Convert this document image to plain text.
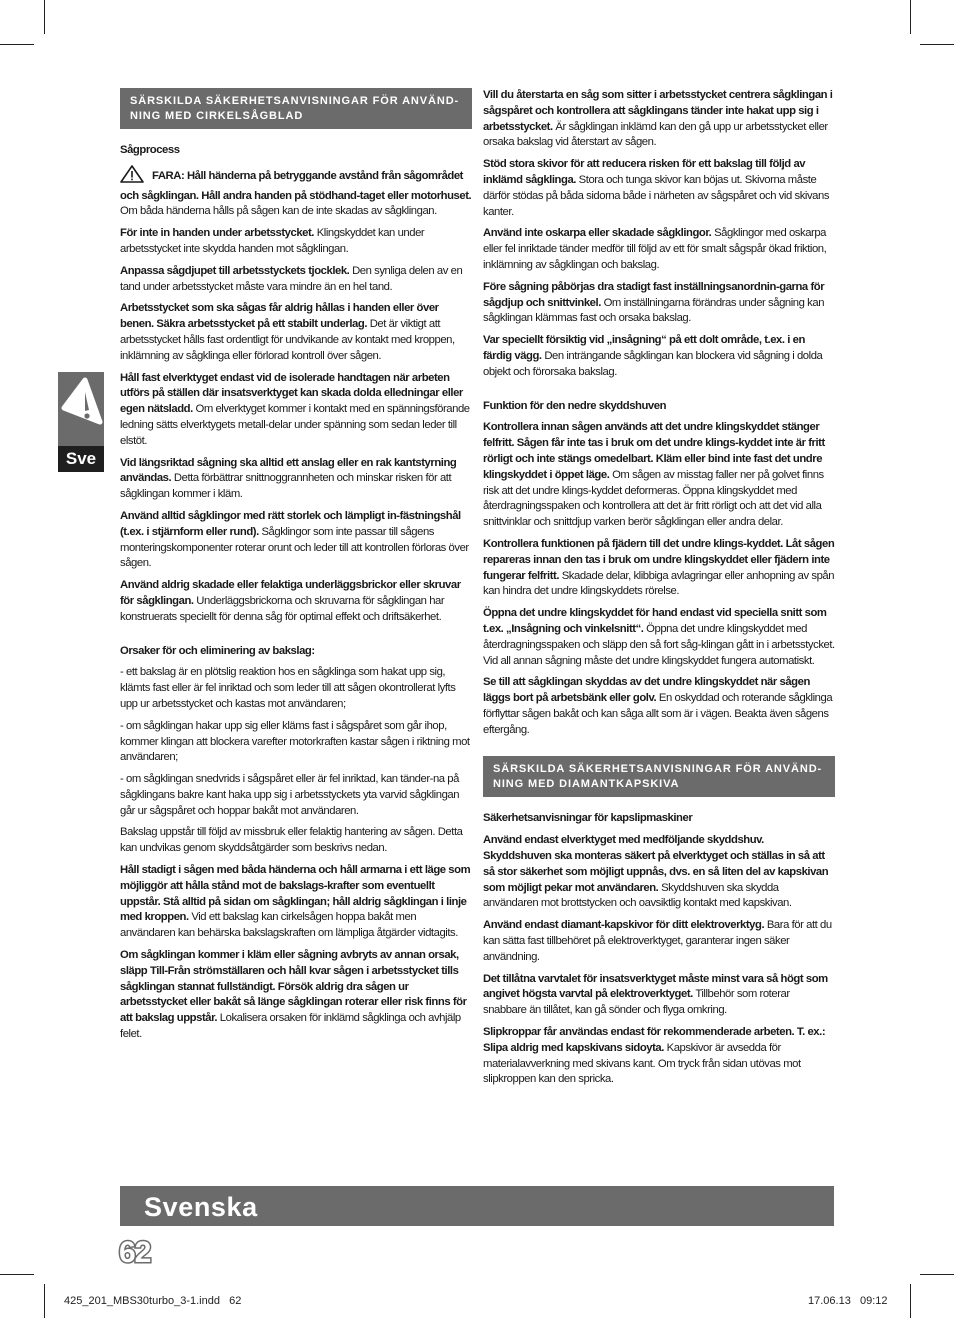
Sve
SÄRSKILDA SÄKERHETSANVISNINGAR FÖR ANVÄND-NING MED CIRKELSÅGBLAD

Sågprocess

FARA: Håll händerna på betryggande avstånd från sågområdet och sågklingan. Håll andra handen på stödhand-taget eller motorhuset. Om båda händerna hålls på sågen kan de inte skadas av sågklingan.

För inte in handen under arbetsstycket. Klingskyddet kan under arbetsstycket inte skydda handen mot sågklingan.

Anpassa sågdjupet till arbetsstyckets tjocklek. Den synliga delen av en tand under arbetsstycket måste vara mindre än en hel tand.

Arbetsstycket som ska sågas får aldrig hållas i handen eller över benen. Säkra arbetsstycket på ett stabilt underlag. Det är viktigt att arbetsstycket hålls fast ordentligt för undvikande av kontakt med kroppen, inklämning av sågklinga eller förlorad kontroll över sågen.

Håll fast elverktyget endast vid de isolerade handtagen när arbeten utförs på ställen där insatsverktyget kan skada dolda elledningar eller egen nätsladd. Om elverktyget kommer i kontakt med en spänningsförande ledning sätts elverktygets metall-delar under spänning som sedan leder till elstöt.

Vid längsriktad sågning ska alltid ett anslag eller en rak kantstyrning användas. Detta förbättrar snittnoggrannheten och minskar risken för att sågklingan kommer i kläm.

Använd alltid sågklingor med rätt storlek och lämpligt in-fästningshål (t.ex. i stjärnform eller rund). Sågklingor som inte passar till sågens monteringskomponenter roterar orunt och leder till att kontrollen förloras över sågen.

Använd aldrig skadade eller felaktiga underläggsbrickor eller skruvar för sågklingan. Underläggsbrickorna och skruvarna för sågklingan har konstruerats speciellt för denna såg för optimal effekt och driftsäkerhet.

Orsaker för och eliminering av bakslag:

- ett bakslag är en plötslig reaktion hos en sågklinga som hakat upp sig, klämts fast eller är fel inriktad och som leder till att sågen okontrollerat lyfts upp ur arbetsstycket och kastas mot användaren;

- om sågklingan hakar upp sig eller kläms fast i sågspåret som går ihop, kommer klingan att blockera varefter motorkraften kastar sågen i riktning mot användaren;

- om sågklingan snedvrids i sågspåret eller är fel inriktad, kan tänder-na på sågklingans bakre kant haka upp sig i arbetsstyckets yta varvid sågklingan går ur sågspåret och hoppar bakåt mot användaren.

Bakslag uppstår till följd av missbruk eller felaktig hantering av sågen. Detta kan undvikas genom skyddsåtgärder som beskrivs nedan.

Håll stadigt i sågen med båda händerna och håll armarna i ett läge som möjliggör att hålla stånd mot de bakslags-krafter som eventuellt uppstår. Stå alltid på sidan om sågklingan; håll aldrig sågklingan i linje med kroppen. Vid ett bakslag kan cirkelsågen hoppa bakåt men användaren kan behärska bakslagskraften om lämpliga åtgärder vidtagits.

Om sågklingan kommer i kläm eller sågning avbryts av annan orsak, släpp Till-Från strömställaren och håll kvar sågen i arbetsstycket tills sågklingan stannat fullständigt. Försök aldrig dra sågen ur arbetsstycket eller bakåt så länge sågklingan roterar eller risk finns för att bakslag uppstår. Lokalisera orsaken för inklämd sågklinga och avhjälp felet.

Vill du återstarta en såg som sitter i arbetsstycket centrera sågklingan i sågspåret och kontrollera att sågklingans tänder inte hakat upp sig i arbetsstycket. Är sågklingan inklämd kan den gå upp ur arbetsstycket eller orsaka bakslag vid återstart av sågen.

Stöd stora skivor för att reducera risken för ett bakslag till följd av inklämd sågklinga. Stora och tunga skivor kan böjas ut. Skivorna måste därför stödas på båda sidorna både i närheten av sågspåret och vid skivans kanter.

Använd inte oskarpa eller skadade sågklingor. Sågklingor med oskarpa eller fel inriktade tänder medför till följd av ett för smalt sågspår ökad friktion, inklämning av sågklingan och bakslag.

Före sågning påbörjas dra stadigt fast inställningsanordnin-garna för sågdjup och snittvinkel. Om inställningarna förändras under sågning kan sågklingan klämmas fast och orsaka bakslag.

Var speciellt försiktig vid „insågning“ på ett dolt område, t.ex. i en färdig vägg. Den inträngande sågklingan kan blockera vid sågning i dolda objekt och förorsaka bakslag.

Funktion för den nedre skyddshuven

Kontrollera innan sågen används att det undre klingskyddet stänger felfritt. Sågen får inte tas i bruk om det undre klings-kyddet inte är fritt rörligt och inte stängs omedelbart. Kläm eller bind inte fast det undre klingskyddet i öppet läge. Om sågen av misstag faller ner på golvet finns risk att det undre klings-kyddet deformeras. Öppna klingskyddet med återdragningsspaken och kontrollera att det är fritt rörligt och att det vid alla snittvinklar och snittdjup varken berör sågklingan eller andra delar.

Kontrollera funktionen på fjädern till det undre klings-kyddet. Låt sågen repareras innan den tas i bruk om undre klingskyddet eller fjädern inte fungerar felfritt. Skadade delar, klibbiga avlagringar eller anhopning av spån kan hindra det undre klingskyddets rörelse.

Öppna det undre klingskyddet för hand endast vid speciella snitt som t.ex. „Insågning och vinkelsnitt“. Öppna det undre klingskyddet med återdragningsspaken och släpp den så fort såg-klingan gått in i arbetsstycket. Vid all annan sågning måste det undre klingskyddet fungera automatiskt.

Se till att sågklingan skyddas av det undre klingskyddet när sågen läggs bort på arbetsbänk eller golv. En oskyddad och roterande sågklinga förflyttar sågen bakåt och kan såga allt som är i vägen. Beakta även sågens eftergång.

SÄRSKILDA SÄKERHETSANVISNINGAR FÖR ANVÄND-NING MED DIAMANTKAPSKIVA

Säkerhetsanvisningar för kapslipmaskiner

Använd endast elverktyget med medföljande skyddshuv. Skyddshuven ska monteras säkert på elverktyget och ställas in så att så stor säkerhet som möjligt uppnås, dvs. en så liten del av kapskivan som möjligt pekar mot användaren. Skyddshuven ska skydda användaren mot brottstycken och oavsiktlig kontakt med kapskivan.

Använd endast diamant-kapskivor för ditt elektroverktyg. Bara för att du kan sätta fast tillbehöret på elektroverktyget, garanterar ingen säker användning.

Det tillåtna varvtalet för insatsverktyget måste minst vara så högt som angivet högsta varvtal på elektroverktyget. Tillbehör som roterar snabbare än tillåtet, kan gå sönder och flyga omkring.

Slipkroppar får användas endast för rekommenderade arbeten. T. ex.: Slipa aldrig med kapskivans sidoyta. Kapskivor är avsedda för materialavverkning med skivans kant. Om tryck från sidan utövas mot slipkroppen kan den spricka.

Svenska
62
425_201_MBS30turbo_3-1.indd   62	17.06.13   09:12
